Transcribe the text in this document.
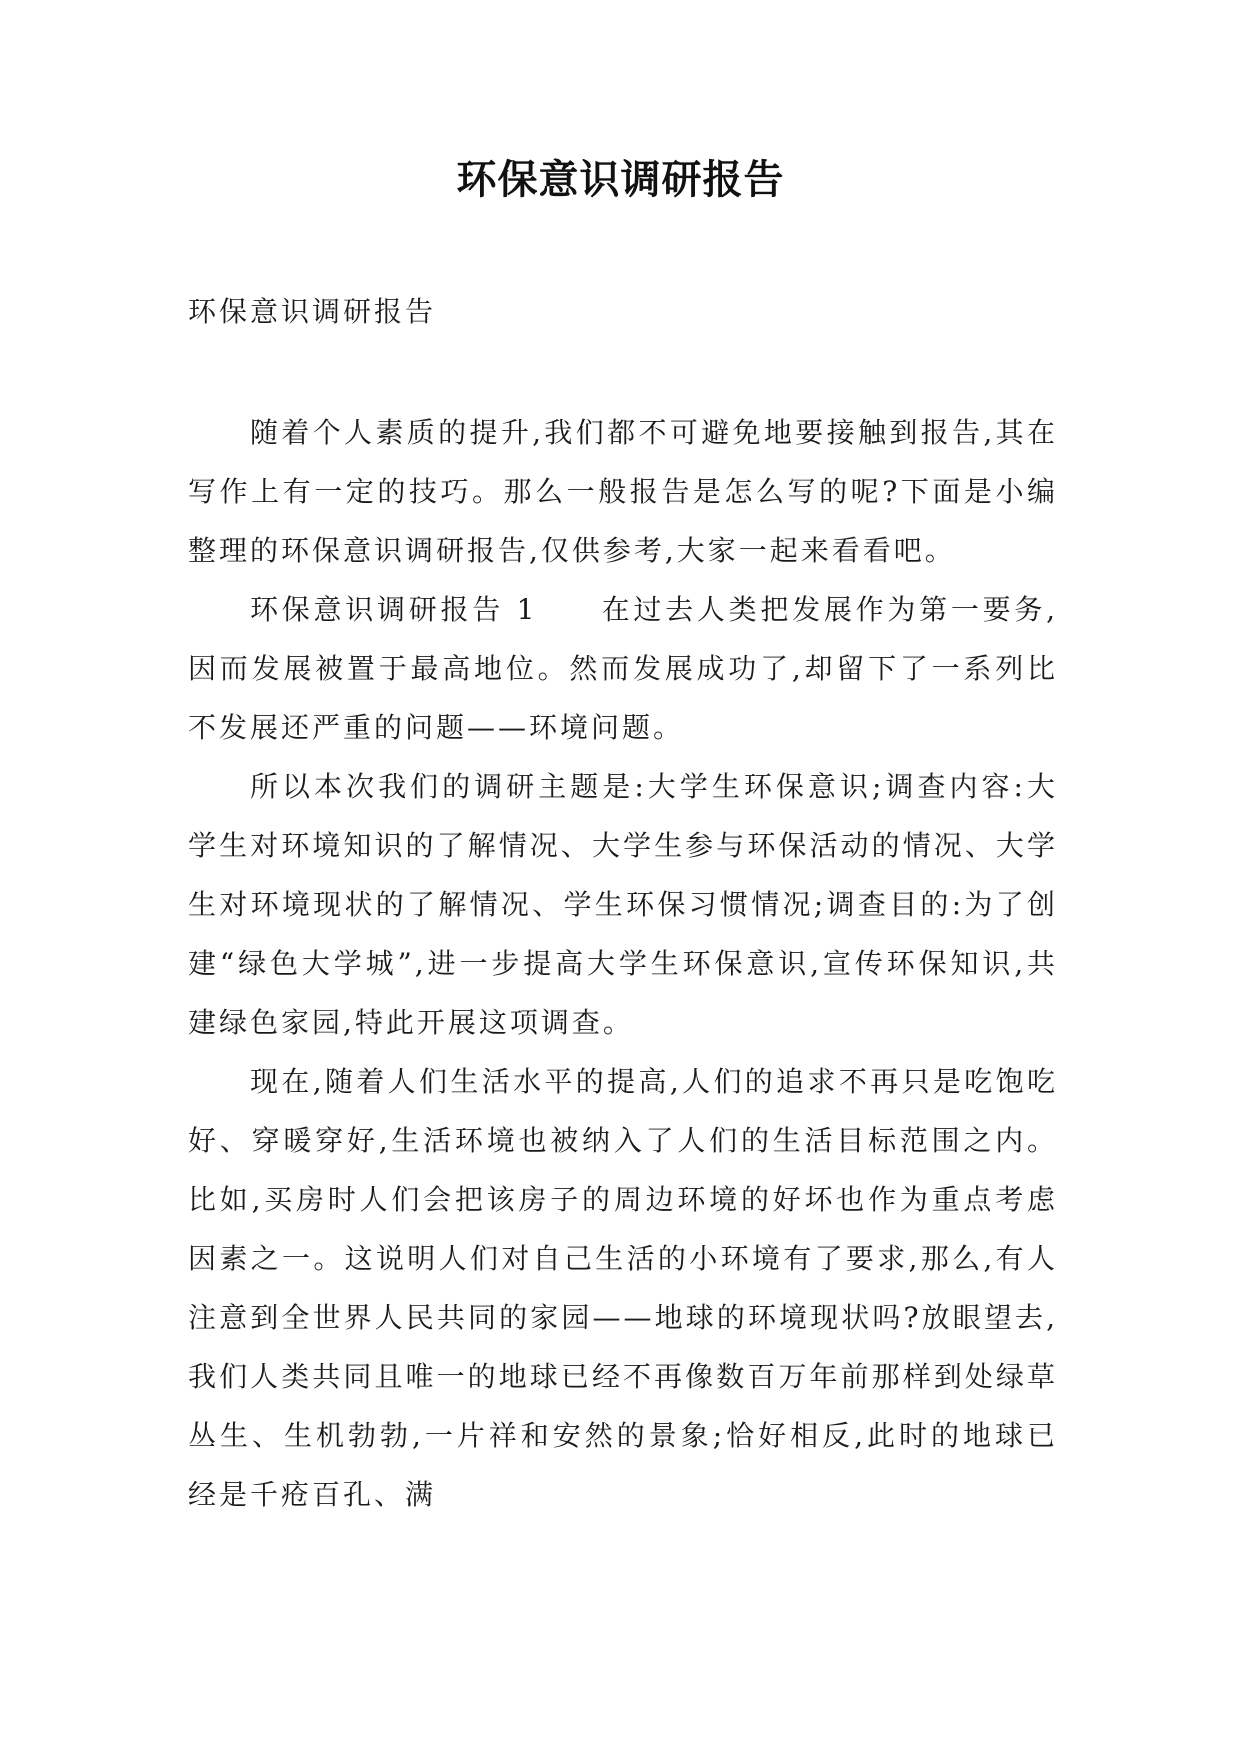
环保意识调研报告

环保意识调研报告

随着个人素质的提升,我们都不可避免地要接触到报告,其在写作上有一定的技巧。那么一般报告是怎么写的呢?下面是小编整理的环保意识调研报告,仅供参考,大家一起来看看吧。

环保意识调研报告 1　　在过去人类把发展作为第一要务,因而发展被置于最高地位。然而发展成功了,却留下了一系列比不发展还严重的问题——环境问题。

所以本次我们的调研主题是:大学生环保意识;调查内容:大学生对环境知识的了解情况、大学生参与环保活动的情况、大学生对环境现状的了解情况、学生环保习惯情况;调查目的:为了创建“绿色大学城”,进一步提高大学生环保意识,宣传环保知识,共建绿色家园,特此开展这项调查。

现在,随着人们生活水平的提高,人们的追求不再只是吃饱吃好、穿暖穿好,生活环境也被纳入了人们的生活目标范围之内。比如,买房时人们会把该房子的周边环境的好坏也作为重点考虑因素之一。这说明人们对自己生活的小环境有了要求,那么,有人注意到全世界人民共同的家园——地球的环境现状吗?放眼望去,我们人类共同且唯一的地球已经不再像数百万年前那样到处绿草丛生、生机勃勃,一片祥和安然的景象;恰好相反,此时的地球已经是千疮百孔、满
